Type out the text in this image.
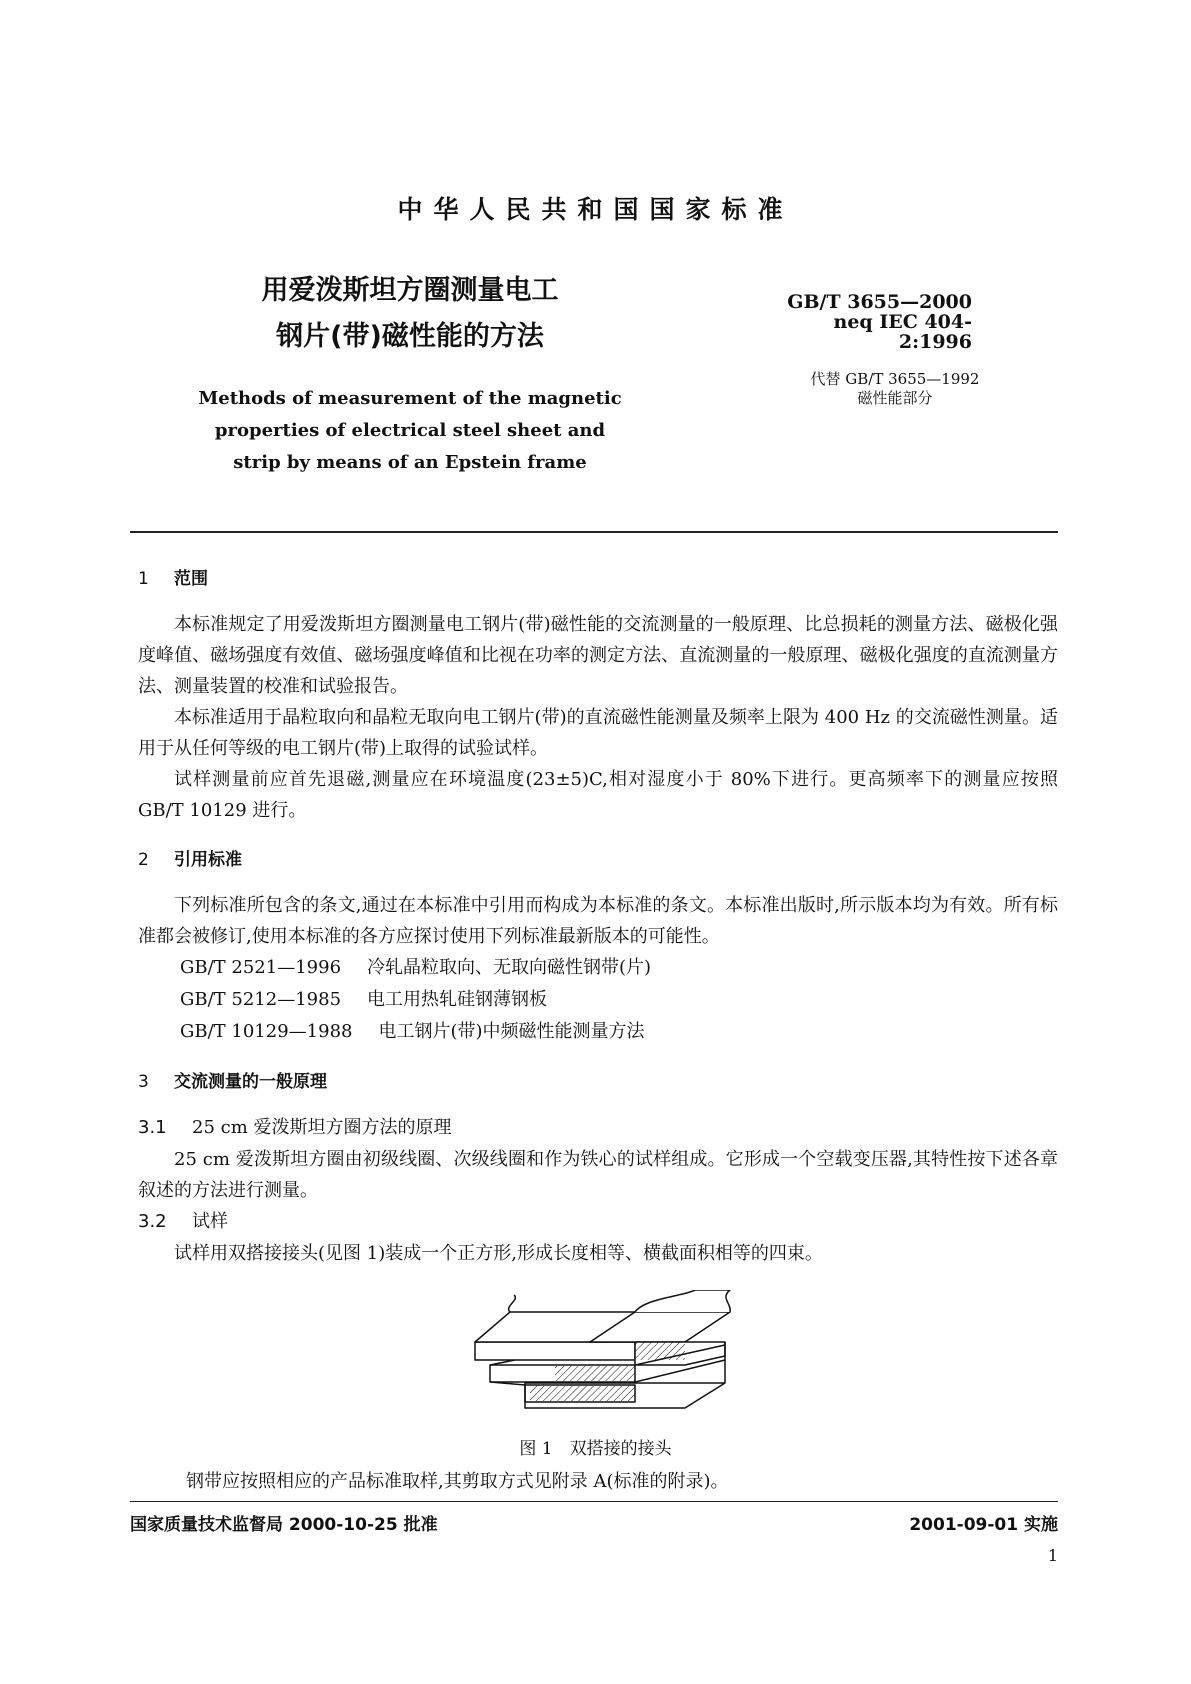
中华人民共和国国家标准
用爱泼斯坦方圈测量电工
钢片(带)磁性能的方法
Methods of measurement of the magnetic
properties of electrical steel sheet and
strip by means of an Epstein frame
GB/T 3655—2000
neq IEC 404-2:1996
代替 GB/T 3655—1992
磁性能部分
1 范围

本标准规定了用爱泼斯坦方圈测量电工钢片(带)磁性能的交流测量的一般原理、比总损耗的测量方法、磁极化强度峰值、磁场强度有效值、磁场强度峰值和比视在功率的测定方法、直流测量的一般原理、磁极化强度的直流测量方法、测量装置的校准和试验报告。

本标准适用于晶粒取向和晶粒无取向电工钢片(带)的直流磁性能测量及频率上限为 400 Hz 的交流磁性测量。适用于从任何等级的电工钢片(带)上取得的试验试样。

试样测量前应首先退磁,测量应在环境温度(23±5)C,相对湿度小于 80%下进行。更高频率下的测量应按照 GB/T 10129 进行。

2 引用标准

下列标准所包含的条文,通过在本标准中引用而构成为本标准的条文。本标准出版时,所示版本均为有效。所有标准都会被修订,使用本标准的各方应探讨使用下列标准最新版本的可能性。

GB/T 2521—1996 冷轧晶粒取向、无取向磁性钢带(片)
GB/T 5212—1985 电工用热轧硅钢薄钢板
GB/T 10129—1988 电工钢片(带)中频磁性能测量方法
3 交流测量的一般原理
3.1 25 cm 爱泼斯坦方圈方法的原理

25 cm 爱泼斯坦方圈由初级线圈、次级线圈和作为铁心的试样组成。它形成一个空载变压器,其特性按下述各章叙述的方法进行测量。

3.2 试样

试样用双搭接接头(见图 1)装成一个正方形,形成长度相等、横截面积相等的四束。

图 1　双搭接的接头
钢带应按照相应的产品标准取样,其剪取方式见附录 A(标准的附录)。
国家质量技术监督局 2000-10-25 批准	2001-09-01 实施
1
